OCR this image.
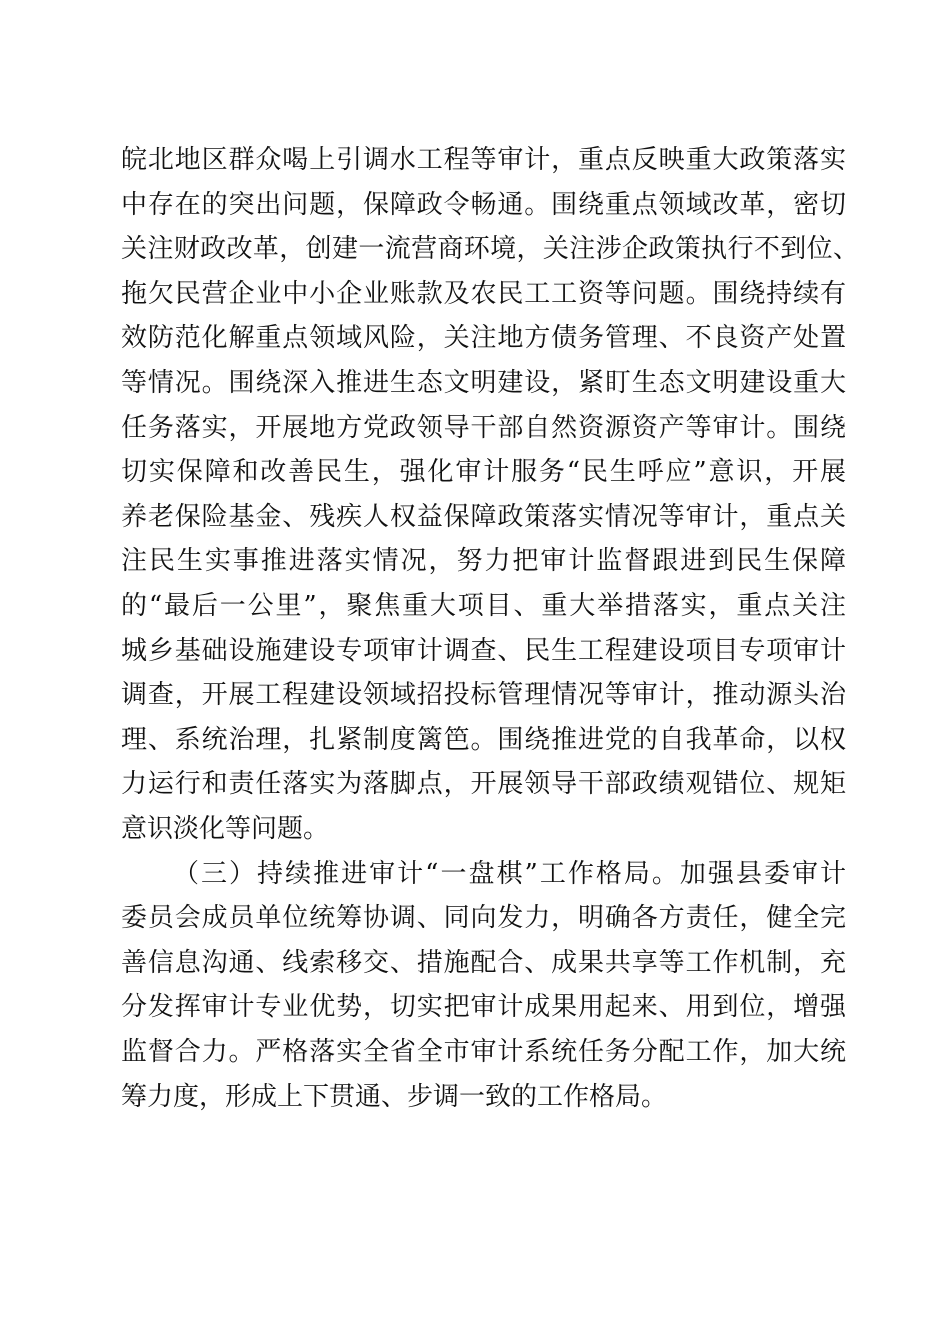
皖北地区群众喝上引调水工程等审计，重点反映重大政策落实
中存在的突出问题，保障政令畅通。围绕重点领域改革，密切
关注财政改革，创建一流营商环境，关注涉企政策执行不到位、
拖欠民营企业中小企业账款及农民工工资等问题。围绕持续有
效防范化解重点领域风险，关注地方债务管理、不良资产处置
等情况。围绕深入推进生态文明建设，紧盯生态文明建设重大
任务落实，开展地方党政领导干部自然资源资产等审计。围绕
切实保障和改善民生，强化审计服务“民生呼应”意识，开展
养老保险基金、残疾人权益保障政策落实情况等审计，重点关
注民生实事推进落实情况，努力把审计监督跟进到民生保障
的“最后一公里”，聚焦重大项目、重大举措落实，重点关注
城乡基础设施建设专项审计调查、民生工程建设项目专项审计
调查，开展工程建设领域招投标管理情况等审计，推动源头治
理、系统治理，扎紧制度篱笆。围绕推进党的自我革命，以权
力运行和责任落实为落脚点，开展领导干部政绩观错位、规矩
意识淡化等问题。
（三）持续推进审计“一盘棋”工作格局。加强县委审计
委员会成员单位统筹协调、同向发力，明确各方责任，健全完
善信息沟通、线索移交、措施配合、成果共享等工作机制，充
分发挥审计专业优势，切实把审计成果用起来、用到位，增强
监督合力。严格落实全省全市审计系统任务分配工作，加大统
筹力度，形成上下贯通、步调一致的工作格局。
